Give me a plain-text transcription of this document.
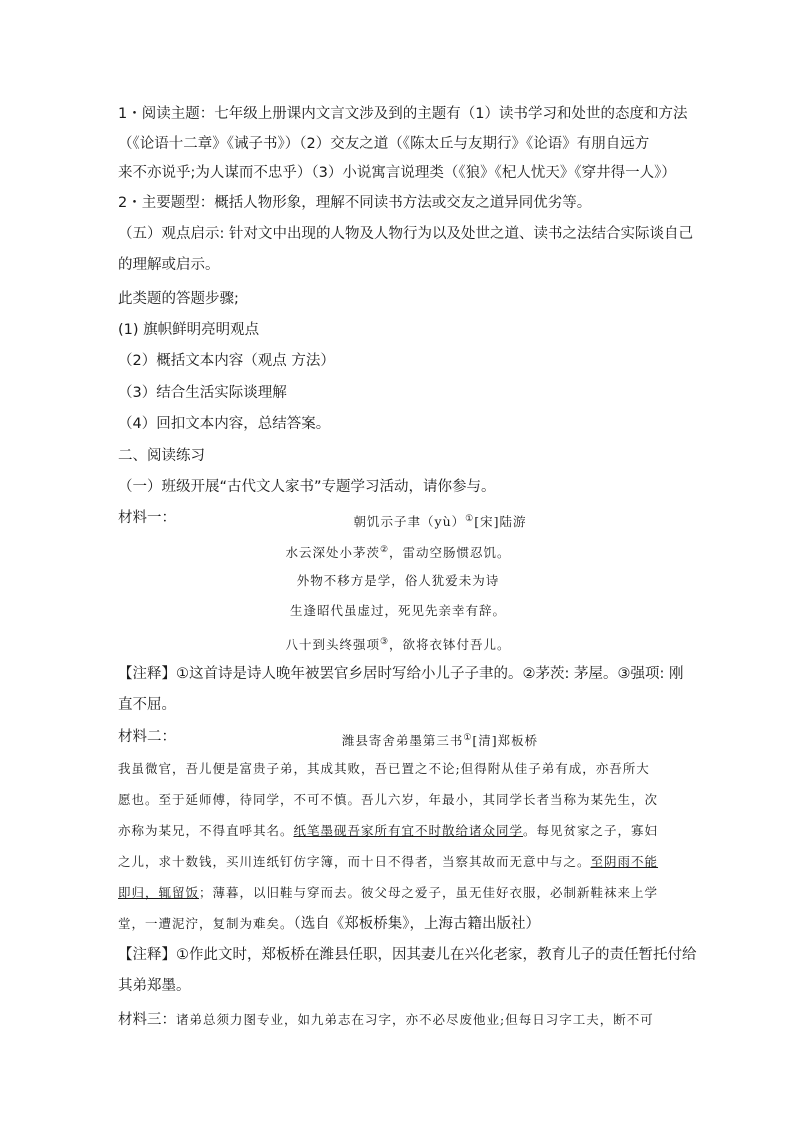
1・阅读主题：七年级上册课内文言文涉及到的主题有（1）读书学习和处世的态度和方法
（《论语十二章》《诫子书》）（2）交友之道（《陈太丘与友期行》《论语》有朋自远方
来不亦说乎;为人谋而不忠乎）（3）小说寓言说理类（《狼》《杞人忧天》《穿井得一人》）
2・主要题型：概括人物形象，理解不同读书方法或交友之道异同优劣等。
（五）观点启示: 针对文中出现的人物及人物行为以及处世之道、读书之法结合实际谈自己
的理解或启示。
此类题的答题步骤;
(1) 旗帜鲜明亮明观点
（2）概括文本内容（观点 方法）
（3）结合生活实际谈理解
（4）回扣文本内容，总结答案。
二、阅读练习
（一）班级开展“古代文人家书”专题学习活动，请你参与。
材料一：	朝饥示子聿（yù）①[宋]陆游
水云深处小茅茨②，雷动空肠惯忍饥。
外物不移方是学，俗人犹爱未为诗
生逢昭代虽虚过，死见先亲幸有辞。
八十到头终强项③，欲将衣钵付吾儿。
【注释】①这首诗是诗人晚年被罢官乡居时写给小儿子子聿的。②茅茨: 茅屋。③强项: 刚
直不屈。
材料二：	潍县寄舍弟墨第三书①[清]郑板桥
我虽微官，吾儿便是富贵子弟，其成其败，吾已置之不论;但得附从佳子弟有成，亦吾所大
愿也。至于延师傅，待同学，不可不慎。吾儿六岁，年最小，其同学长者当称为某先生，次
亦称为某兄，不得直呼其名。纸笔墨砚吾家所有宜不时散给诸众同学。每见贫家之子，寡妇
之儿，求十数钱，买川连纸钉仿字簿，而十日不得者，当察其故而无意中与之。至阴雨不能
即归，辄留饭；薄暮，以旧鞋与穿而去。彼父母之爱子，虽无佳好衣服，必制新鞋袜来上学
堂，一遭泥泞，复制为难矣。（选自《郑板桥集》，上海古籍出版社）
【注释】①作此文时，郑板桥在潍县任职，因其妻儿在兴化老家，教育儿子的责任暂托付给
其弟郑墨。
材料三：诸弟总须力图专业，如九弟志在习字，亦不必尽废他业;但每日习字工夫，断不可
